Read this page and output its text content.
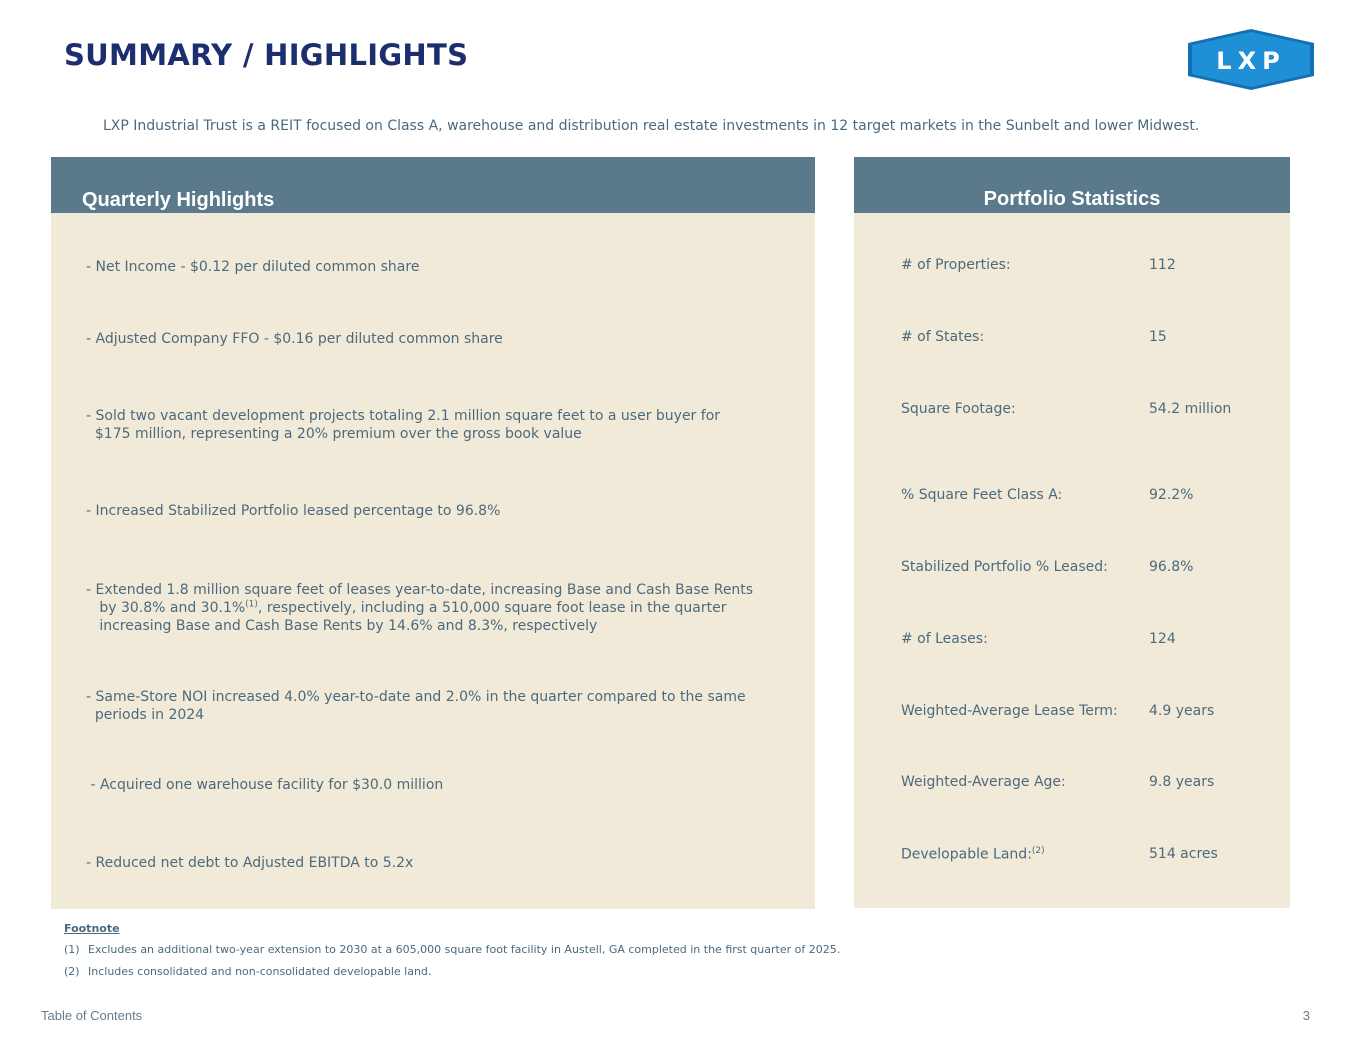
SUMMARY / HIGHLIGHTS	LXP
LXP Industrial Trust is a REIT focused on Class A, warehouse and distribution real estate investments in 12 target markets in the Sunbelt and lower Midwest.
Quarterly Highlights
- Net Income - $0.12 per diluted common share
- Adjusted Company FFO - $0.16 per diluted common share
- Sold two vacant development projects totaling 2.1 million square feet to a user buyer for
$175 million, representing a 20% premium over the gross book value
- Increased Stabilized Portfolio leased percentage to 96.8%
- Extended 1.8 million square feet of leases year-to-date, increasing Base and Cash Base Rents
by 30.8% and 30.1%$^{(1)}$, respectively, including a 510,000 square foot lease in the quarter
increasing Base and Cash Base Rents by 14.6% and 8.3%, respectively
- Same-Store NOI increased 4.0% year-to-date and 2.0% in the quarter compared to the same
periods in 2024
- Acquired one warehouse facility for $30.0 million
- Reduced net debt to Adjusted EBITDA to 5.2x
Portfolio Statistics
# of Properties:	112
# of States:	15
Square Footage:	54.2 million
% Square Feet Class A:	92.2%
Stabilized Portfolio % Leased:	96.8%
# of Leases:	124
Weighted-Average Lease Term: 4.9 years
Weighted-Average Age:	9.8 years
Developable Land:$^{(2)}$	514 acres
Footnote
(1) Excludes an additional two-year extension to 2030 at a 605,000 square foot facility in Austell, GA completed in the first quarter of 2025.
(2) Includes consolidated and non-consolidated developable land.
Table of Contents	3
